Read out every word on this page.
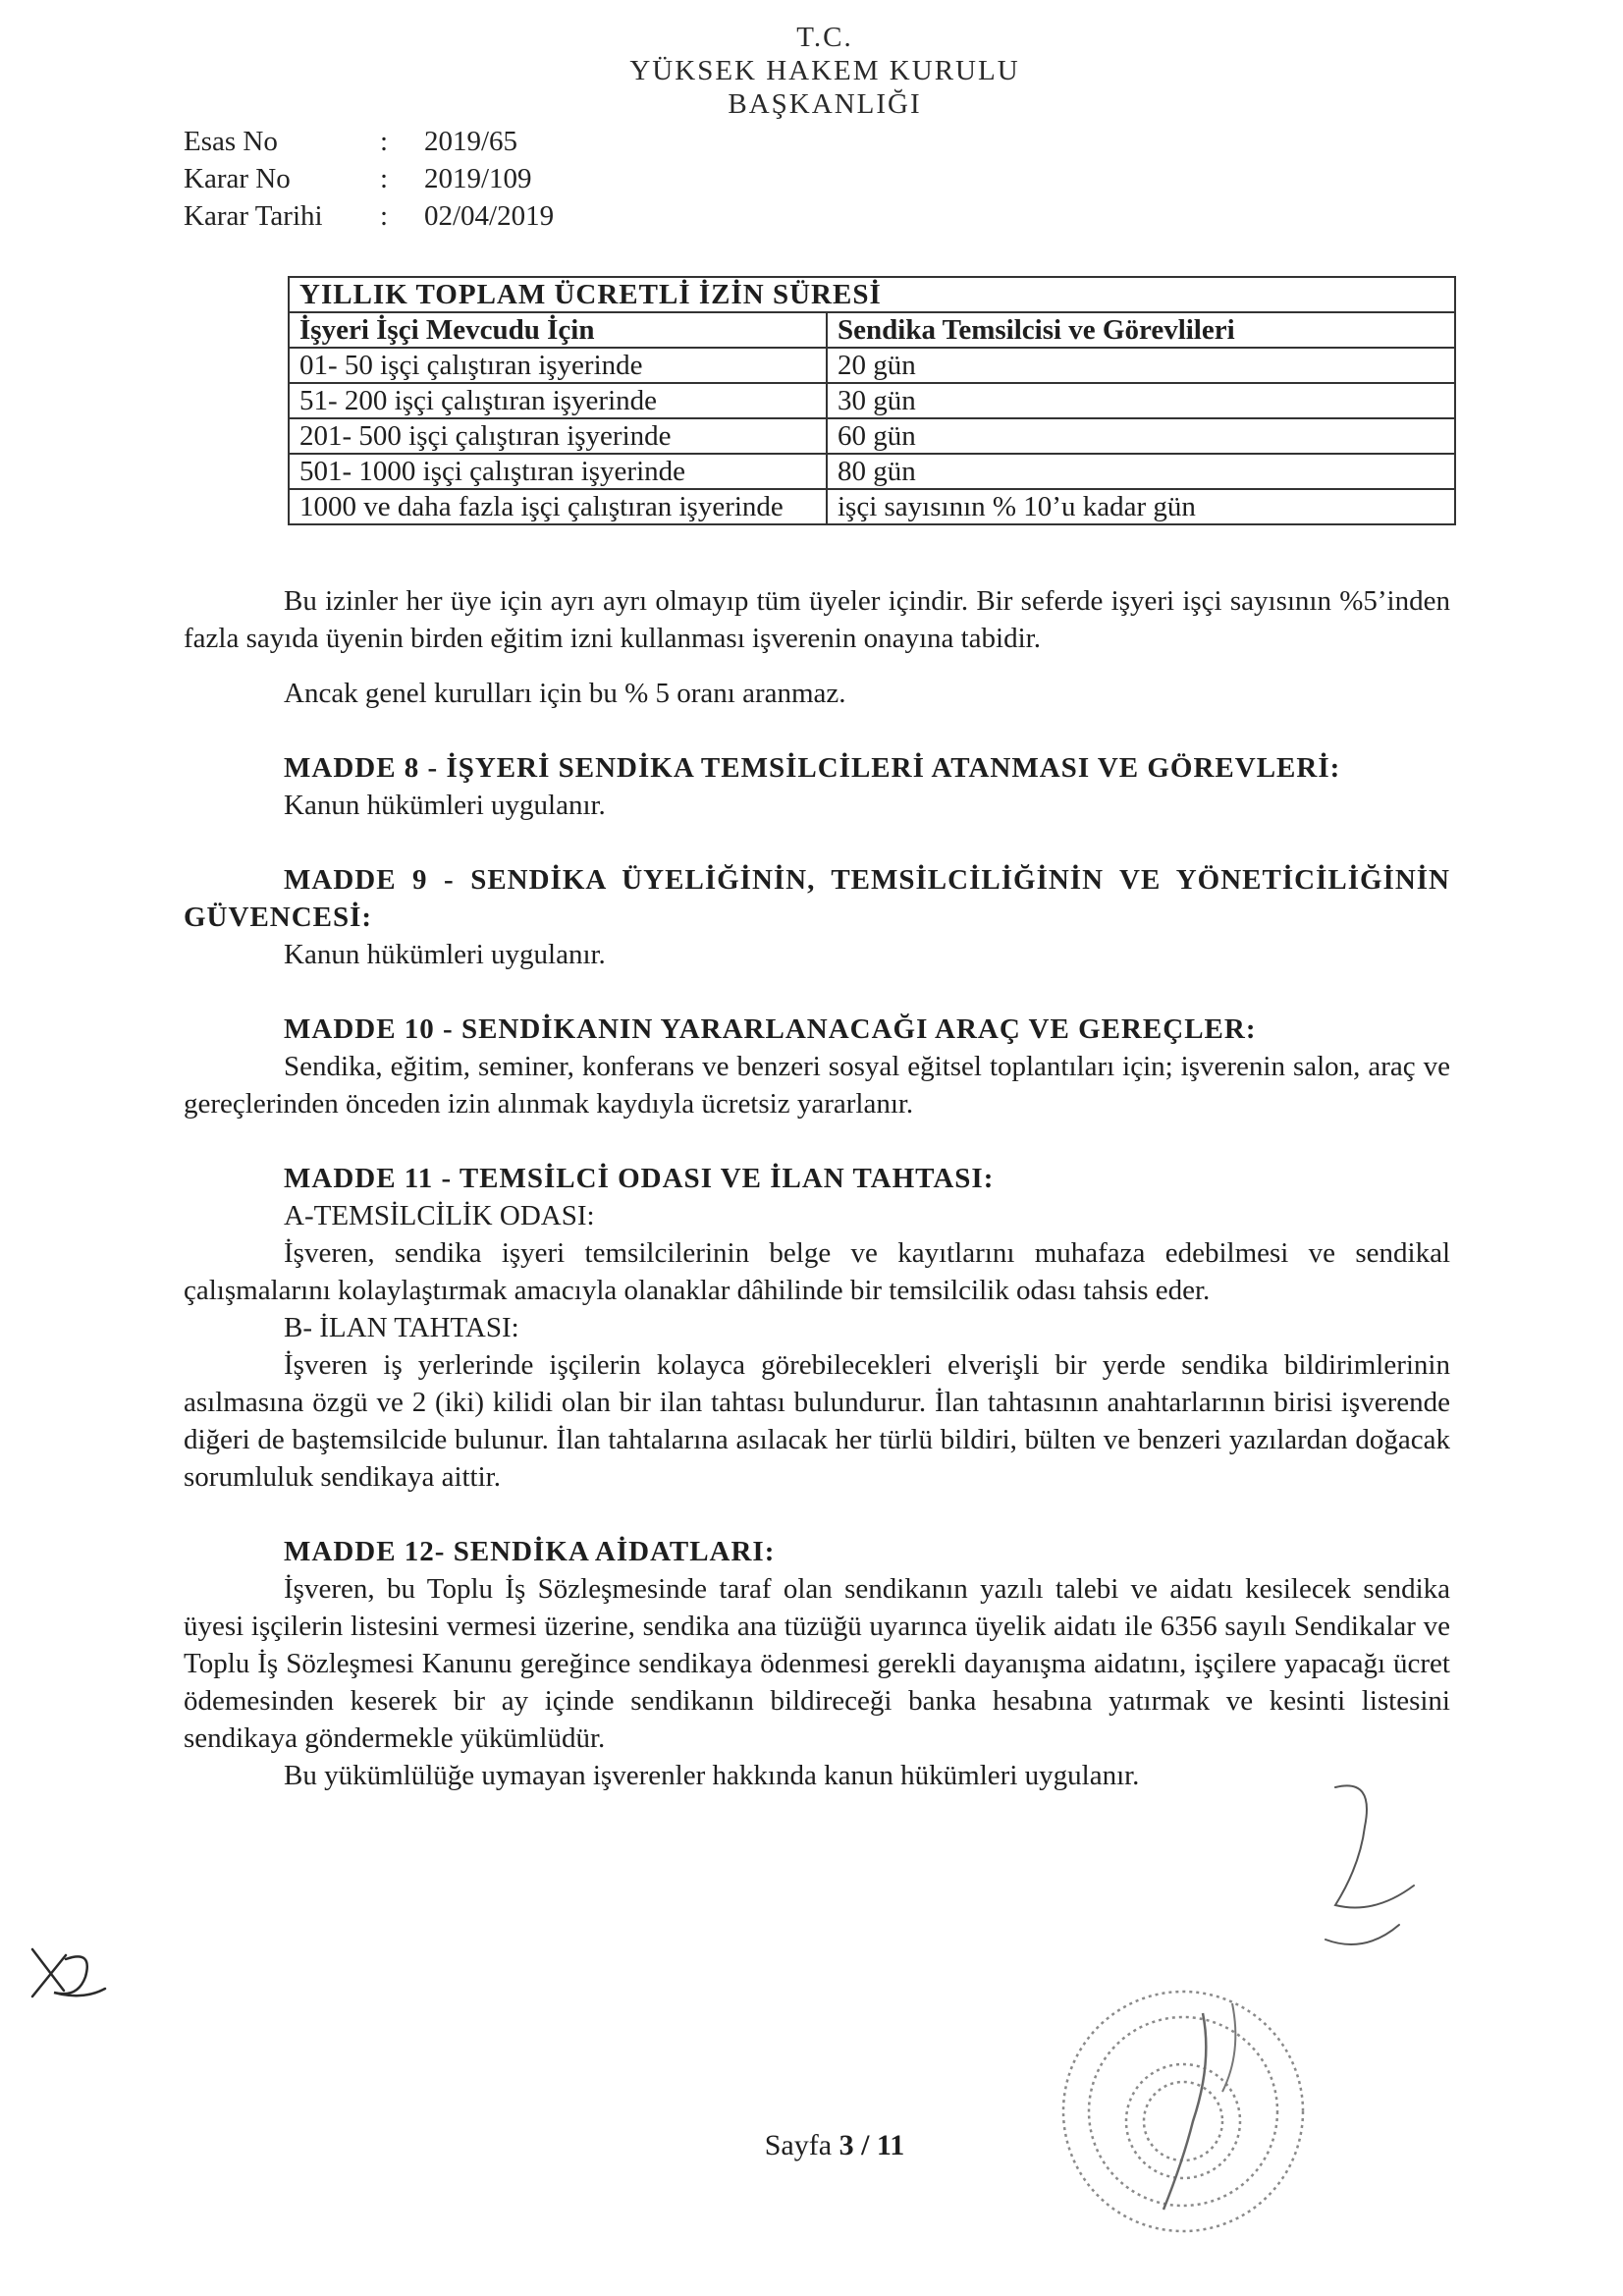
T.C.
YÜKSEK HAKEM KURULU
BAŞKANLIĞI
Esas No	: 2019/65
Karar No	: 2019/109
Karar Tarihi : 02/04/2019
YILLIK TOPLAM ÜCRETLİ İZİN SÜRESİ	
İşyeri İşçi Mevcudu İçin	Sendika Temsilcisi ve Görevlileri
01- 50 işçi çalıştıran işyerinde	20 gün
51- 200 işçi çalıştıran işyerinde	30 gün
201- 500 işçi çalıştıran işyerinde	60 gün
501- 1000 işçi çalıştıran işyerinde	80 gün
1000 ve daha fazla işçi çalıştıran işyerinde	işçi sayısının % 10’u kadar gün

Bu izinler her üye için ayrı ayrı olmayıp tüm üyeler içindir. Bir seferde işyeri işçi sayısının %5’inden fazla sayıda üyenin birden eğitim izni kullanması işverenin onayına tabidir.

Ancak genel kurulları için bu % 5 oranı aranmaz.

MADDE 8 - İŞYERİ SENDİKA TEMSİLCİLERİ ATANMASI VE GÖREVLERİ:

Kanun hükümleri uygulanır.

MADDE 9 - SENDİKA ÜYELİĞİNİN, TEMSİLCİLİĞİNİN VE YÖNETİCİLİĞİNİN GÜVENCESİ:

Kanun hükümleri uygulanır.

MADDE 10 - SENDİKANIN YARARLANACAĞI ARAÇ VE GEREÇLER:

Sendika, eğitim, seminer, konferans ve benzeri sosyal eğitsel toplantıları için; işverenin salon, araç ve gereçlerinden önceden izin alınmak kaydıyla ücretsiz yararlanır.

MADDE 11 - TEMSİLCİ ODASI VE İLAN TAHTASI:

A-TEMSİLCİLİK ODASI:

İşveren, sendika işyeri temsilcilerinin belge ve kayıtlarını muhafaza edebilmesi ve sendikal çalışmalarını kolaylaştırmak amacıyla olanaklar dâhilinde bir temsilcilik odası tahsis eder.

B- İLAN TAHTASI:

İşveren iş yerlerinde işçilerin kolayca görebilecekleri elverişli bir yerde sendika bildirimlerinin asılmasına özgü ve 2 (iki) kilidi olan bir ilan tahtası bulundurur. İlan tahtasının anahtarlarının birisi işverende diğeri de baştemsilcide bulunur. İlan tahtalarına asılacak her türlü bildiri, bülten ve benzeri yazılardan doğacak sorumluluk sendikaya aittir.

MADDE 12- SENDİKA AİDATLARI:

İşveren, bu Toplu İş Sözleşmesinde taraf olan sendikanın yazılı talebi ve aidatı kesilecek sendika üyesi işçilerin listesini vermesi üzerine, sendika ana tüzüğü uyarınca üyelik aidatı ile 6356 sayılı Sendikalar ve Toplu İş Sözleşmesi Kanunu gereğince sendikaya ödenmesi gerekli dayanışma aidatını, işçilere yapacağı ücret ödemesinden keserek bir ay içinde sendikanın bildireceği banka hesabına yatırmak ve kesinti listesini sendikaya göndermekle yükümlüdür.

Bu yükümlülüğe uymayan işverenler hakkında kanun hükümleri uygulanır.

Sayfa 3 / 11
